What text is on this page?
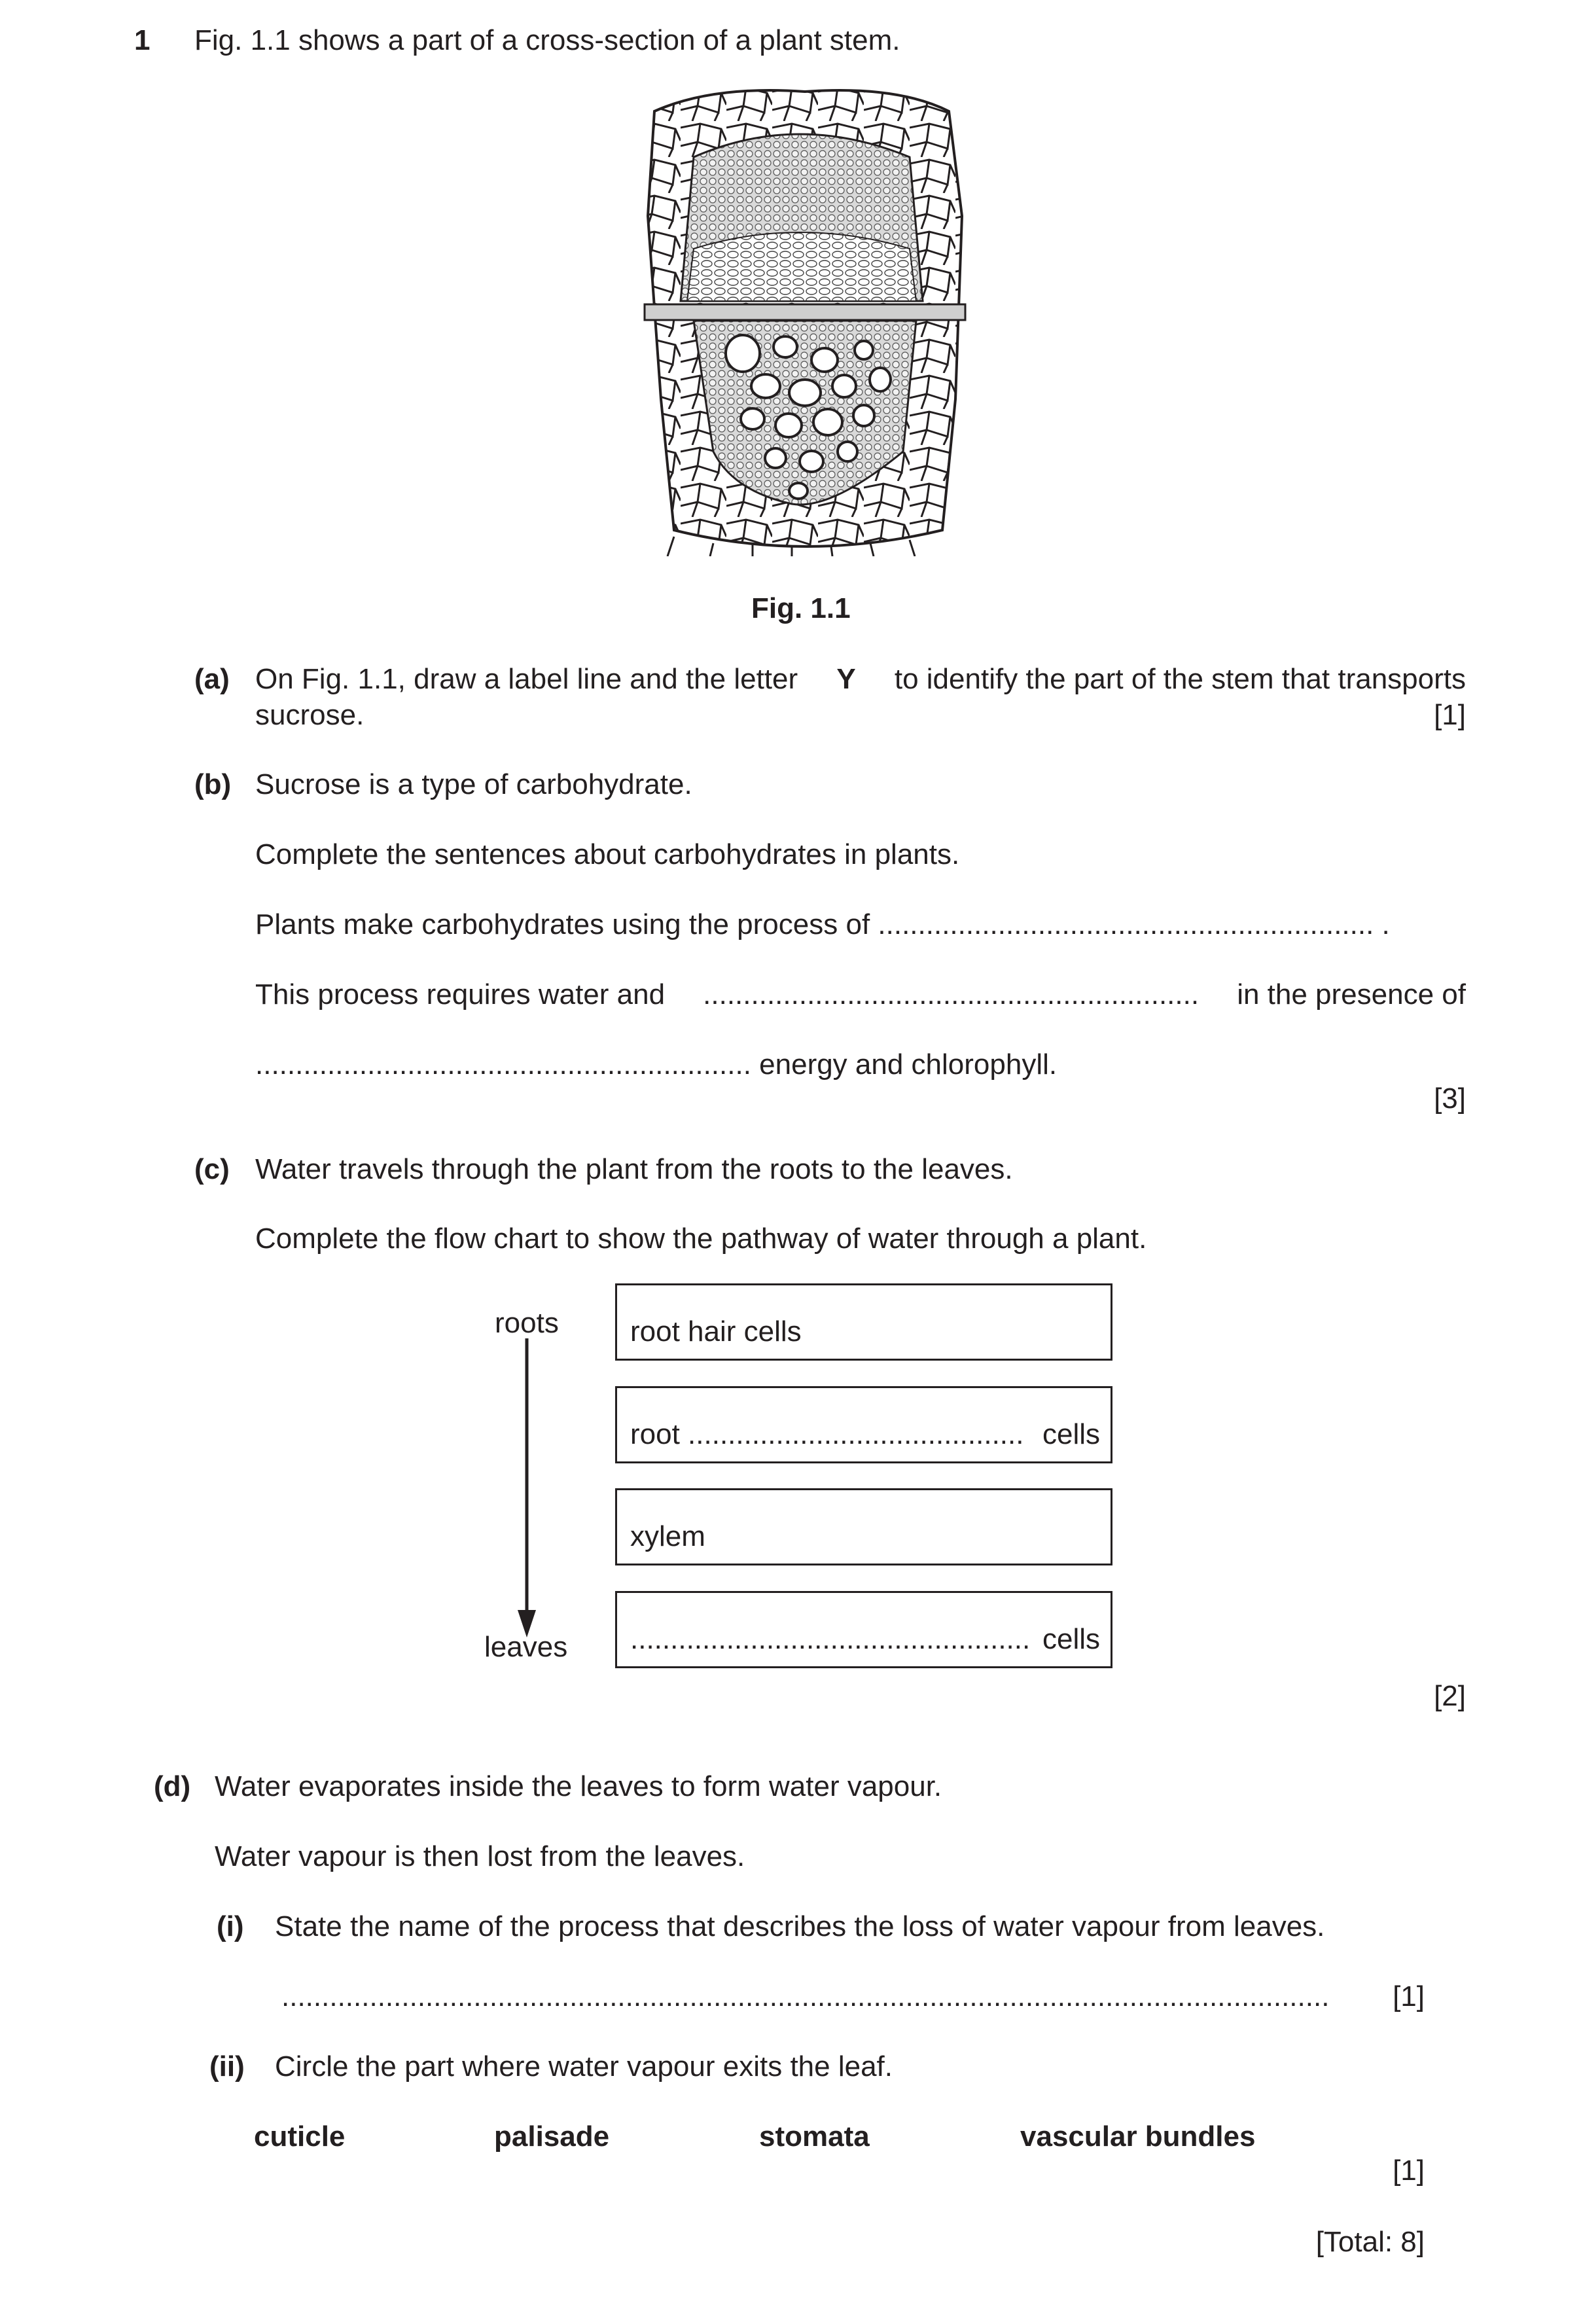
1 Fig. 1.1 shows a part of a cross-section of a plant stem.
Fig. 1.1
(a) On Fig. 1.1, draw a label line and the letter Y to identify the part of the stem that transports
sucrose.	[1]
(b) Sucrose is a type of carbohydrate.
Complete the sentences about carbohydrates in plants.
Plants make carbohydrates using the process of .............................................................. .
This process requires water and .............................................................. in the presence of
.............................................................. energy and chlorophyll.
[3]
(c) Water travels through the plant from the roots to the leaves.
Complete the flow chart to show the pathway of water through a plant.
roots
leaves
root hair cells
root .......................................... cells
xylem
.................................................. cells
[2]
(d) Water evaporates inside the leaves to form water vapour.
Water vapour is then lost from the leaves.
(i) State the name of the process that describes the loss of water vapour from leaves.
................................................................................................................................... [1]
(ii) Circle the part where water vapour exits the leaf.
cuticle	palisade	stomata	vascular bundles
[1]
[Total: 8]
